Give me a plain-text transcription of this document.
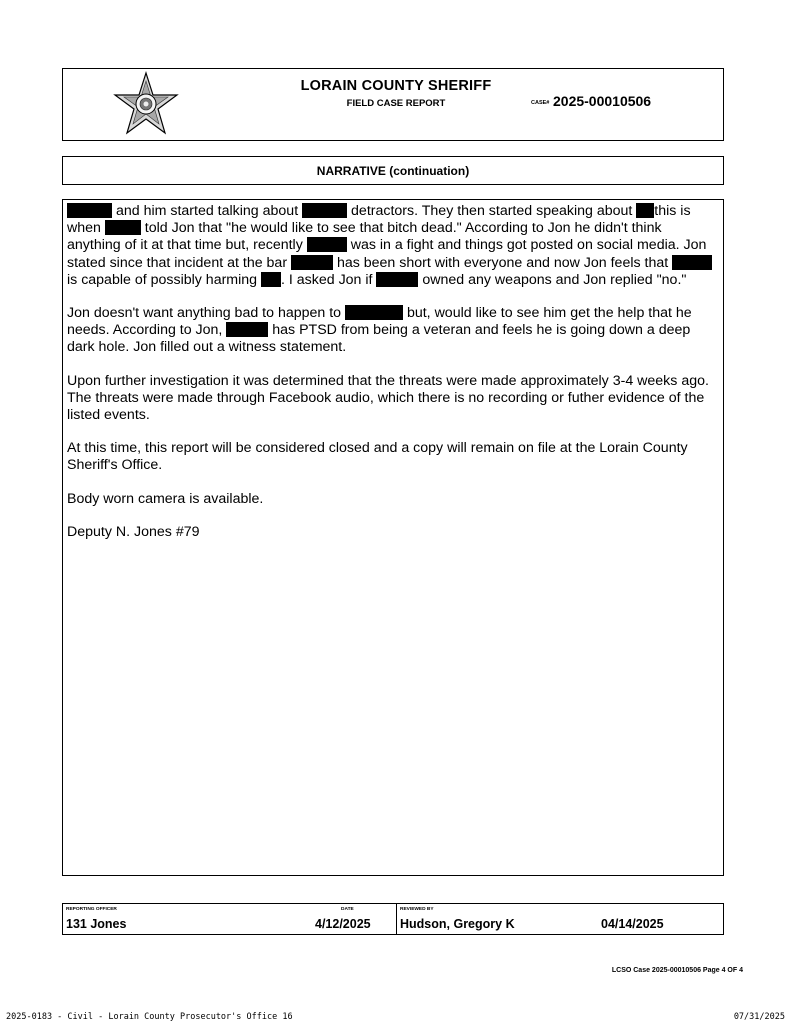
LORAIN COUNTY SHERIFF
FIELD CASE REPORT	CASE# 2025-00010506
NARRATIVE (continuation)

and him started talking about	detractors. They then started speaking about this is when	told Jon that "he would like to see that bitch dead." According to Jon he didn't think anything of it at that time but, recently	was in a fight and things got posted on social media. Jon stated since that incident at the bar	has been short with everyone and now Jon feels that  is capable of possibly harming . I asked Jon if	owned any weapons and Jon replied "no."

Jon doesn't want anything bad to happen to	but, would like to see him get the help that he needs. According to Jon,	has PTSD from being a veteran and feels he is going down a deep dark hole. Jon filled out a witness statement.

Upon further investigation it was determined that the threats were made approximately 3-4 weeks ago. The threats were made through Facebook audio, which there is no recording or futher evidence of the listed events.

At this time, this report will be considered closed and a copy will remain on file at the Lorain County Sheriff's Office.

Body worn camera is available.

Deputy N. Jones #79

REPORTING OFFICER
131 Jones
DATE
4/12/2025
REVIEWED BY
Hudson, Gregory K	04/14/2025
LCSO Case 2025-00010506 Page 4 OF 4
2025-0183 - Civil - Lorain County Prosecutor's Office 16	07/31/2025
